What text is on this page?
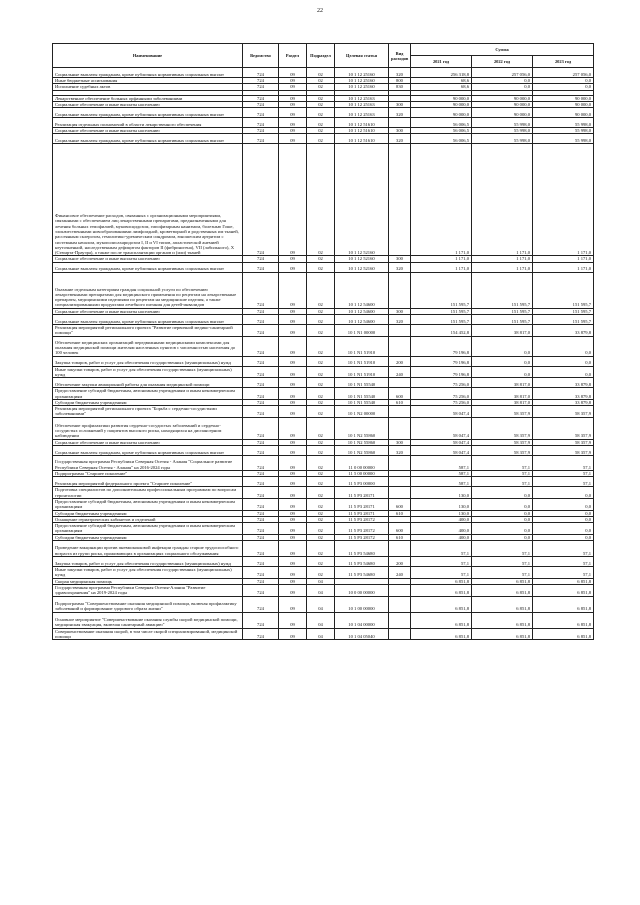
22
Наименование	Ведомство	Раздел	Подраздел	Целевая статья	Вид расходов	Сумма		
						2021 год	2022 год	2023 год
Социальные выплаты гражданам, кроме публичных нормативных социальных выплат	724	09	02	10 1 12 25160	320	256 318,8	257 056,0	257 056,0
Иные бюджетные ассигнования	724	09	02	10 1 12 25160	800	68,6	0,0	0,0
Исполнение судебных актов	724	09	02	10 1 12 25160	830	68,6	0,0	0,0

Лекарственное обеспечение больных орфанными заболеваниями	724	09	02	10 1 12 25163		90 000,0	90 000,0	90 000,0
Социальное обеспечение и иные выплаты населению	724	09	02	10 1 12 25163	300	90 000,0	90 000,0	90 000,0
Социальные выплаты гражданам, кроме публичных нормативных социальных выплат	724	09	02	10 1 12 25163	320	90 000,0	90 000,0	90 000,0
Реализация отдельных полномочий в области лекарственного обеспечения	724	09	02	10 1 12 51610		56 006,5	55 998,0	55 998,0
Социальное обеспечение и иные выплаты населению	724	09	02	10 1 12 51610	300	56 006,5	55 998,0	55 998,0
Социальные выплаты гражданам, кроме публичных нормативных социальных выплат	724	09	02	10 1 12 51610	320	56 006,5	55 998,0	55 998,0
Финансовое обеспечение расходов, связанных с организационными мероприятиями, связанными с обеспечением лиц лекарственными препаратами, предназначенными для лечения больных гемофилией, муковисцидозом, гипофизарным нанизмом, болезнью Гоше, злокачественными новообразованиями лимфоидной, кроветворной и родственных им тканей, рассеянным склерозом, гемолитико-уремическим синдромом, юношеским артритом с системным началом, мукополисахаридозом I, II и VI типов, апластической анемией неуточненной, наследственным дефицитом факторов II (фибриногена), VII (лабильного), X (Стюарта-Прауэра), а также после трансплантации органов и (или) тканей	724	09	02	10 1 12 52160		1 171,0	1 171,0	1 171,0
Социальное обеспечение и иные выплаты населению	724	09	02	10 1 12 52160	300	1 171,0	1 171,0	1 171,0
Социальные выплаты гражданам, кроме публичных нормативных социальных выплат	724	09	02	10 1 12 52160	320	1 171,0	1 171,0	1 171,0
Оказание отдельным категориям граждан социальной услуги по обеспечению лекарственными препаратами для медицинского применения по рецептам на лекарственные препараты, медицинскими изделиями по рецептам на медицинские изделия, а также специализированными продуктами лечебного питания для детей-инвалидов	724	09	02	10 1 12 54600		151 595,7	151 595,7	151 595,7
Социальное обеспечение и иные выплаты населению	724	09	02	10 1 12 54600	300	151 595,7	151 595,7	151 595,7
Социальные выплаты гражданам, кроме публичных нормативных социальных выплат	724	09	02	10 1 12 54600	320	151 595,7	151 595,7	151 595,7
Реализация мероприятий регионального проекта "Развитие первичной медико-санитарной помощи"	724	09	02	10 1 N1 00000		154 452,8	38 817,0	33 879,8
Обеспечение медицинских организаций передвижными медицинскими комплексами для оказания медицинской помощи жителям населенных пунктов с численностью населения до 100 человек	724	09	02	10 1 N1 51910		79 196,8	0,0	0,0
Закупка товаров, работ и услуг для обеспечения государственных (муниципальных) нужд	724	09	02	10 1 N1 51910	200	79 196,8	0,0	0,0
Иные закупки товаров, работ и услуг для обеспечения государственных (муниципальных) нужд	724	09	02	10 1 N1 51910	240	79 196,8	0,0	0,0
Обеспечение закупки авиационной работы для оказания медицинской помощи	724	09	02	10 1 N1 55540		75 256,0	38 817,0	33 879,8
Предоставление субсидий бюджетным, автономным учреждениям и иным некоммерческим организациям	724	09	02	10 1 N1 55540	600	75 256,0	38 817,0	33 879,8
Субсидии бюджетным учреждениям	724	09	02	10 1 N1 55540	610	75 256,0	38 817,0	33 879,8
Реализация мероприятий регионального проекта "Борьба с сердечно-сосудистыми заболеваниями"	724	09	02	10 1 N2 00000		58 047,4	58 357,9	58 357,9
Обеспечение профилактики развития сердечно-сосудистых заболеваний и сердечно-сосудистых осложнений у пациентов высокого риска, находящихся на диспансерном наблюдении	724	09	02	10 1 N2 55860		58 047,4	58 357,9	58 357,9
Социальное обеспечение и иные выплаты населению	724	09	02	10 1 N2 55860	300	58 047,4	58 357,9	58 357,9
Социальные выплаты гражданам, кроме публичных нормативных социальных выплат	724	09	02	10 1 N2 55860	320	58 047,4	58 357,9	58 357,9
Государственная программа Республики Северная Осетия - Алания "Социальное развитие Республики Северная Осетия - Алания" на 2016-2024 годы	724	09	02	11 0 00 00000		587,1	57,1	57,1
Подпрограмма "Старшее поколение"	724	09	02	11 5 00 00000		587,1	57,1	57,1
Реализация мероприятий федерального проекта "Старшее поколение"	724	09	02	11 5 P3 00000		587,1	57,1	57,1
Подготовка специалистов по дополнительным профессиональным программам по вопросам геронтологии	724	09	02	11 5 P3 28171		130,0	0,0	0,0
Предоставление субсидий бюджетным, автономным учреждениям и иным некоммерческим организациям	724	09	02	11 5 P3 28171	600	130,0	0,0	0,0
Субсидии бюджетным учреждениям	724	09	02	11 5 P3 28171	610	130,0	0,0	0,0
Оснащение гериатрических кабинетов и отделений	724	09	02	11 5 P3 28172		400,0	0,0	0,0
Предоставление субсидий бюджетным, автономным учреждениям и иным некоммерческим организациям	724	09	02	11 5 P3 28172	600	400,0	0,0	0,0
Субсидии бюджетным учреждениям	724	09	02	11 5 P3 28172	610	400,0	0,0	0,0
Проведение вакцинации против пневмококковой инфекции граждан старше трудоспособного возраста из групп риска, проживающих в организациях социального обслуживания	724	09	02	11 5 P3 54680		57,1	57,1	57,1
Закупка товаров, работ и услуг для обеспечения государственных (муниципальных) нужд	724	09	02	11 5 P3 54680	200	57,1	57,1	57,1
Иные закупки товаров, работ и услуг для обеспечения государственных (муниципальных) нужд	724	09	02	11 5 P3 54680	240	57,1	57,1	57,1
Скорая медицинская помощь	724	09	04			6 851,8	6 851,8	6 851,8
Государственная программа Республики Северная Осетия-Алания "Развитие здравоохранения" на 2019-2024 годы	724	09	04	10 0 00 00000		6 851,8	6 851,8	6 851,8
Подпрограмма "Совершенствование оказания медицинской помощи, включая профилактику заболеваний и формирование здорового образа жизни"	724	09	04	10 1 00 00000		6 851,8	6 851,8	6 851,8
Основное мероприятие "Совершенствование оказания службы скорой медицинской помощи, медицинская эвакуация, включая санитарный авиацию"	724	09	04	10 1 04 00000		6 851,8	6 851,8	6 851,8
Совершенствование оказания скорой, в том числе скорой специализированной, медицинской помощи	724	09	04	10 1 04 05040		6 851,8	6 851,8	6 851,8
